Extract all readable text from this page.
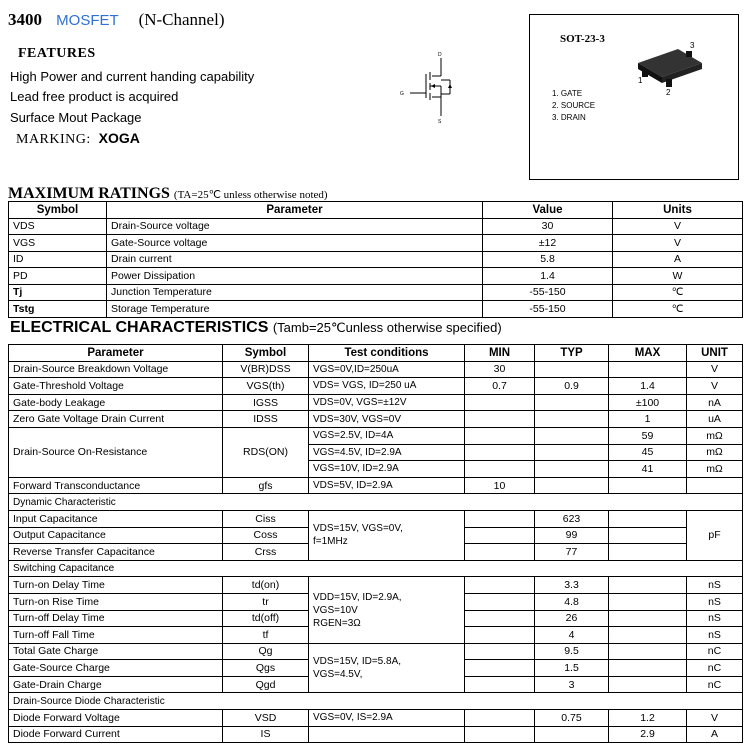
3400 MOSFET (N-Channel)
FEATURES
High Power and current handing capability
Lead free product is acquired
Surface Mout Package
MARKING: XOGA
D
G
S
SOT-23-3
3
1
2
1. GATE
2. SOURCE
3. DRAIN
MAXIMUM RATINGS (TA=25℃ unless otherwise noted)
Symbol	Parameter	Value	Units
VDS	Drain-Source voltage	30	V
VGS	Gate-Source voltage	±12	V
ID	Drain current	5.8	A
PD	Power Dissipation	1.4	W
Tj	Junction Temperature	-55-150	℃
Tstg	Storage Temperature	-55-150	℃
ELECTRICAL CHARACTERISTICS (Tamb=25℃unless otherwise specified)
Parameter	Symbol	Test conditions	MIN	TYP	MAX	UNIT
Drain-Source Breakdown Voltage	V(BR)DSS	VGS=0V,ID=250uA	30			V
Gate-Threshold Voltage	VGS(th)	VDS= VGS, ID=250 uA	0.7	0.9	1.4	V
Gate-body Leakage	IGSS	VDS=0V, VGS=±12V			±100	nA
Zero Gate Voltage Drain Current	IDSS	VDS=30V, VGS=0V			1	uA
Drain-Source On-Resistance	RDS(ON)	VGS=2.5V, ID=4A			59	mΩ
		VGS=4.5V, ID=2.9A			45	mΩ
		VGS=10V, ID=2.9A			41	mΩ
Forward Transconductance	gfs	VDS=5V, ID=2.9A	10			
Dynamic Characteristic						
Input Capacitance	Ciss	VDS=15V, VGS=0V,
f=1MHz		623		pF
Output Capacitance	Coss			99		
Reverse Transfer Capacitance	Crss			77		
Switching Capacitance						
Turn-on Delay Time	td(on)	VDD=15V, ID=2.9A,
VGS=10V
RGEN=3Ω		3.3		nS
Turn-on Rise Time	tr			4.8		nS
Turn-off Delay Time	td(off)			26		nS
Turn-off Fall Time	tf			4		nS
Total Gate Charge	Qg	VDS=15V, ID=5.8A,
VGS=4.5V,		9.5		nC
Gate-Source Charge	Qgs			1.5		nC
Gate-Drain Charge	Qgd			3		nC
Drain-Source Diode Characteristic						
Diode Forward Voltage	VSD	VGS=0V, IS=2.9A		0.75	1.2	V
Diode Forward Current	IS				2.9	A
